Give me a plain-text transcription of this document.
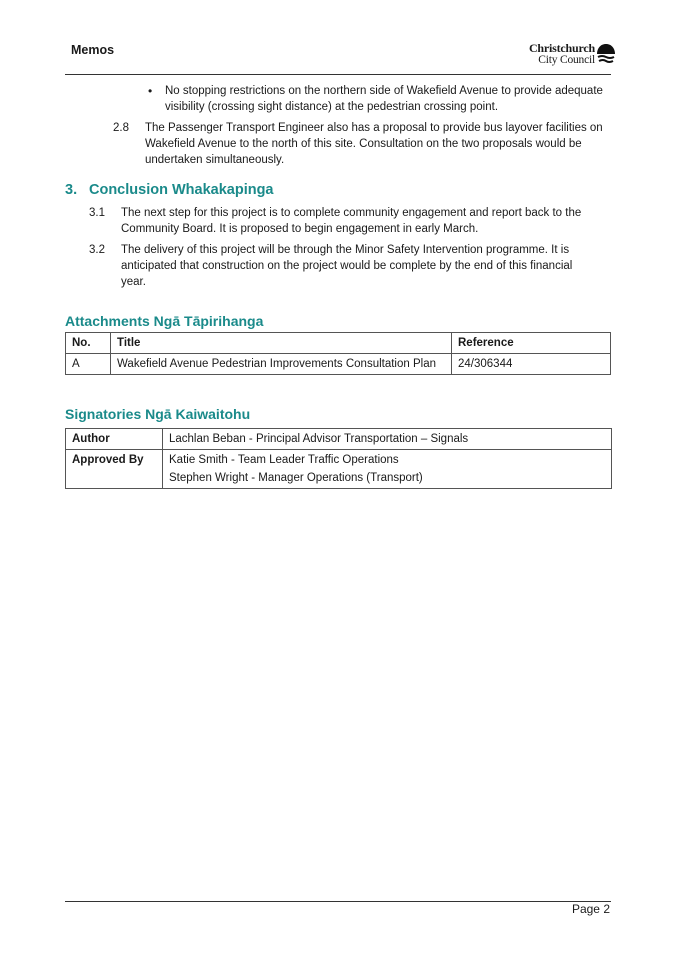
Memos	Christchurch
City Council
• No stopping restrictions on the northern side of Wakefield Avenue to provide adequate visibility (crossing sight distance) at the pedestrian crossing point.
2.8	The Passenger Transport Engineer also has a proposal to provide bus layover facilities on Wakefield Avenue to the north of this site. Consultation on the two proposals would be undertaken simultaneously.
3. Conclusion Whakakapinga
3.1	The next step for this project is to complete community engagement and report back to the Community Board. It is proposed to begin engagement in early March.
3.2	The delivery of this project will be through the Minor Safety Intervention programme. It is anticipated that construction on the project would be complete by the end of this financial year.
Attachments Ngā Tāpirihanga
No.	Title	Reference
A	Wakefield Avenue Pedestrian Improvements Consultation Plan	24/306344
Signatories Ngā Kaiwaitohu
Author	Lachlan Beban - Principal Advisor Transportation – Signals
Approved By	Katie Smith - Team Leader Traffic Operations
Stephen Wright - Manager Operations (Transport)
Page 2
